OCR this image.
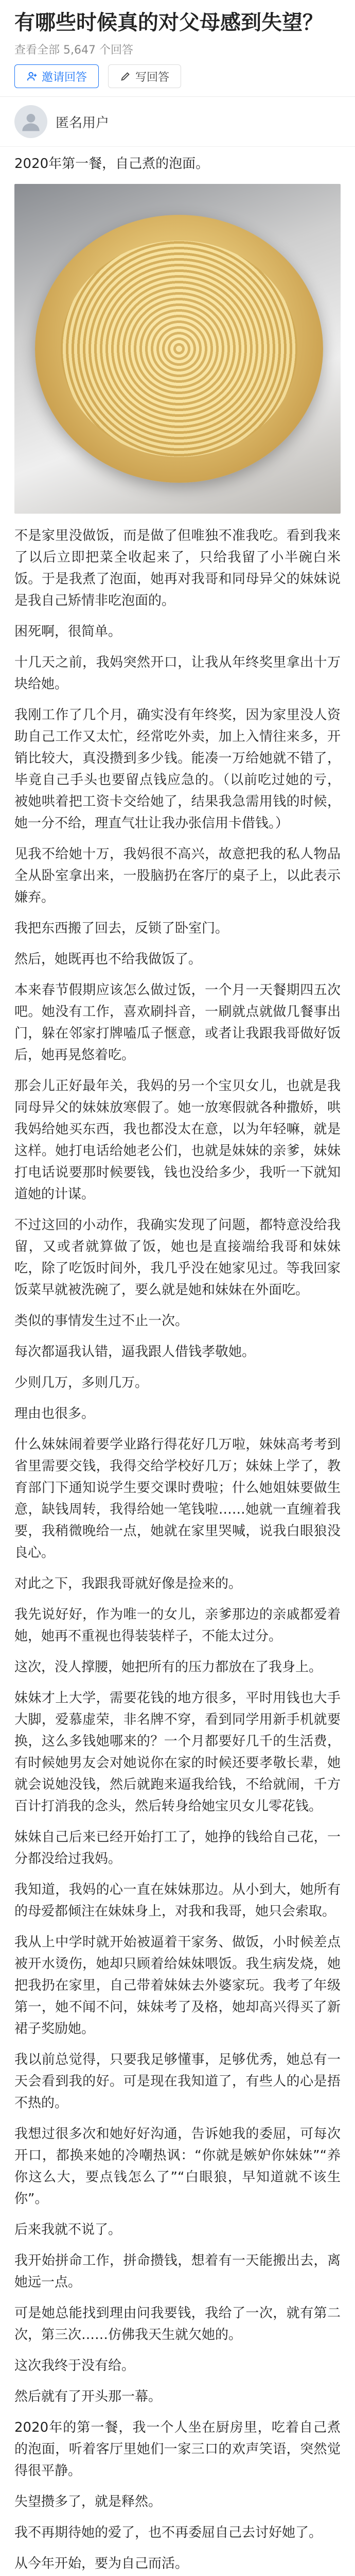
有哪些时候真的对父母感到失望？
查看全部 5,647 个回答
邀请回答	写回答
匿名用户

2020年第一餐，自己煮的泡面。

不是家里没做饭，而是做了但唯独不准我吃。看到我来了以后立即把菜全收起来了，只给我留了小半碗白米饭。于是我煮了泡面，她再对我哥和同母异父的妹妹说是我自己矫情非吃泡面的。

困死啊，很简单。

十几天之前，我妈突然开口，让我从年终奖里拿出十万块给她。

我刚工作了几个月，确实没有年终奖，因为家里没人资助自己工作又太忙，经常吃外卖，加上入情往来多，开销比较大，真没攒到多少钱。能凑一万给她就不错了，毕竟自己手头也要留点钱应急的。（以前吃过她的亏，被她哄着把工资卡交给她了，结果我急需用钱的时候，她一分不给，理直气壮让我办张信用卡借钱。）

见我不给她十万，我妈很不高兴，故意把我的私人物品全从卧室拿出来，一股脑扔在客厅的桌子上，以此表示嫌弃。

我把东西搬了回去，反锁了卧室门。

然后，她既再也不给我做饭了。

本来春节假期应该怎么做过饭，一个月一天餐期四五次吧。她没有工作，喜欢刷抖音，一刷就点就做几餐事出门，躲在邻家打牌嗑瓜子惬意，或者让我跟我哥做好饭后，她再晃悠着吃。

那会儿正好最年关，我妈的另一个宝贝女儿，也就是我同母异父的妹妹放寒假了。她一放寒假就各种撒娇，哄我妈给她买东西，我也都没太在意，以为年轻嘛，就是这样。她打电话给她老公们，也就是妹妹的亲爹，妹妹打电话说要那时候要钱，钱也没给多少，我听一下就知道她的计谋。

不过这回的小动作，我确实发现了问题，都特意没给我留，又或者就算做了饭，她也是直接端给我哥和妹妹吃，除了吃饭时间外，我几乎没在她家见过。等我回家饭菜早就被洗碗了，要么就是她和妹妹在外面吃。

类似的事情发生过不止一次。

每次都逼我认错，逼我跟人借钱孝敬她。

少则几万，多则几万。

理由也很多。

什么妹妹闹着要学业路行得花好几万啦，妹妹高考考到省里需要交钱，我得交给学校好几万；妹妹上学了，教育部门下通知说学生要交课时费啦；什么她姐妹要做生意，缺钱周转，我得给她一笔钱啦……她就一直缠着我要，我稍微晚给一点，她就在家里哭喊，说我白眼狼没良心。

对此之下，我跟我哥就好像是捡来的。

我先说好好，作为唯一的女儿，亲爹那边的亲戚都爱着她，她再不重视也得装装样子，不能太过分。

这次，没人撑腰，她把所有的压力都放在了我身上。

妹妹才上大学，需要花钱的地方很多，平时用钱也大手大脚，爱慕虚荣，非名牌不穿，看到同学用新手机就要换，这么多钱她哪来的？一个月都要好几千的生活费，有时候她男友会对她说你在家的时候还要孝敬长辈，她就会说她没钱，然后就跑来逼我给钱，不给就闹，千方百计打消我的念头，然后转身给她宝贝女儿零花钱。

妹妹自己后来已经开始打工了，她挣的钱给自己花，一分都没给过我妈。

我知道，我妈的心一直在妹妹那边。从小到大，她所有的母爱都倾注在妹妹身上，对我和我哥，她只会索取。

我从上中学时就开始被逼着干家务、做饭，小时候差点被开水烫伤，她却只顾着给妹妹喂饭。我生病发烧，她把我扔在家里，自己带着妹妹去外婆家玩。我考了年级第一，她不闻不问，妹妹考了及格，她却高兴得买了新裙子奖励她。

我以前总觉得，只要我足够懂事，足够优秀，她总有一天会看到我的好。可是现在我知道了，有些人的心是捂不热的。

我想过很多次和她好好沟通，告诉她我的委屈，可每次开口，都换来她的冷嘲热讽：“你就是嫉妒你妹妹”“养你这么大，要点钱怎么了”“白眼狼，早知道就不该生你”。

后来我就不说了。

我开始拼命工作，拼命攒钱，想着有一天能搬出去，离她远一点。

可是她总能找到理由问我要钱，我给了一次，就有第二次，第三次……仿佛我天生就欠她的。

这次我终于没有给。

然后就有了开头那一幕。

2020年的第一餐，我一个人坐在厨房里，吃着自己煮的泡面，听着客厅里她们一家三口的欢声笑语，突然觉得很平静。

失望攒多了，就是释然。

我不再期待她的爱了，也不再委屈自己去讨好她了。

从今年开始，要为自己而活。
